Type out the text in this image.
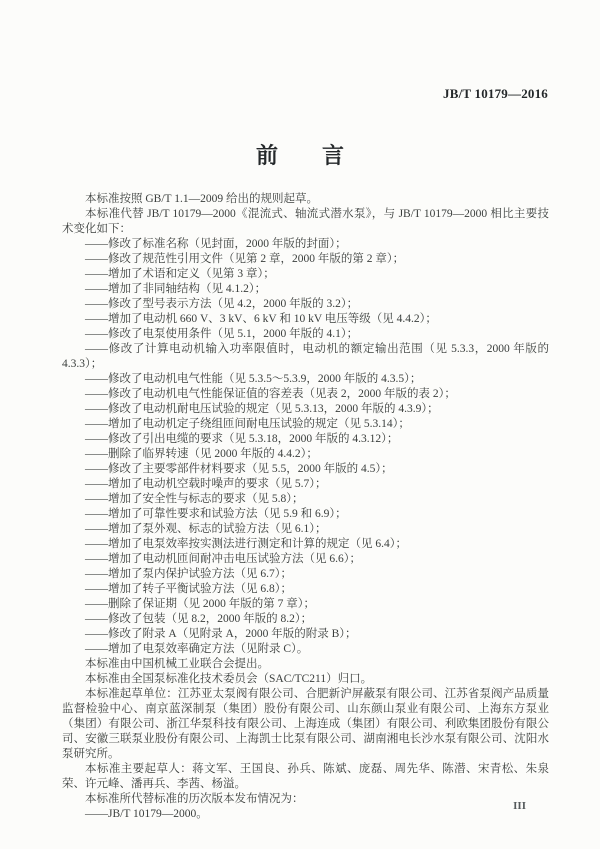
JB/T 10179—2016
前　　言

本标准按照 GB/T 1.1—2009 给出的规则起草。

本标准代替 JB/T 10179—2000《混流式、轴流式潜水泵》，与 JB/T 10179—2000 相比主要技术变化如下：

——修改了标准名称（见封面，2000 年版的封面）；

——修改了规范性引用文件（见第 2 章，2000 年版的第 2 章）；

——增加了术语和定义（见第 3 章）；

——增加了非同轴结构（见 4.1.2）；

——修改了型号表示方法（见 4.2，2000 年版的 3.2）；

——增加了电动机 660 V、3 kV、6 kV 和 10 kV 电压等级（见 4.4.2）；

——修改了电泵使用条件（见 5.1，2000 年版的 4.1）；

——修改了计算电动机输入功率限值时，电动机的额定输出范围（见 5.3.3，2000 年版的 4.3.3）；

——修改了电动机电气性能（见 5.3.5～5.3.9，2000 年版的 4.3.5）；

——修改了电动机电气性能保证值的容差表（见表 2，2000 年版的表 2）；

——修改了电动机耐电压试验的规定（见 5.3.13，2000 年版的 4.3.9）；

——增加了电动机定子绕组匝间耐电压试验的规定（见 5.3.14）；

——修改了引出电缆的要求（见 5.3.18，2000 年版的 4.3.12）；

——删除了临界转速（见 2000 年版的 4.4.2）；

——修改了主要零部件材料要求（见 5.5，2000 年版的 4.5）；

——增加了电动机空载时噪声的要求（见 5.7）；

——增加了安全性与标志的要求（见 5.8）；

——增加了可靠性要求和试验方法（见 5.9 和 6.9）；

——增加了泵外观、标志的试验方法（见 6.1）；

——增加了电泵效率按实测法进行测定和计算的规定（见 6.4）；

——增加了电动机匝间耐冲击电压试验方法（见 6.6）；

——增加了泵内保护试验方法（见 6.7）；

——增加了转子平衡试验方法（见 6.8）；

——删除了保证期（见 2000 年版的第 7 章）；

——修改了包装（见 8.2，2000 年版的 8.2）；

——修改了附录 A（见附录 A，2000 年版的附录 B）；

——增加了电泵效率确定方法（见附录 C）。

本标准由中国机械工业联合会提出。

本标准由全国泵标准化技术委员会（SAC/TC211）归口。

本标准起草单位：江苏亚太泵阀有限公司、合肥新沪屏蔽泵有限公司、江苏省泵阀产品质量监督检验中心、南京蓝深制泵（集团）股份有限公司、山东颜山泵业有限公司、上海东方泵业（集团）有限公司、浙江华泵科技有限公司、上海连成（集团）有限公司、利欧集团股份有限公司、安徽三联泵业股份有限公司、上海凯士比泵有限公司、湖南湘电长沙水泵有限公司、沈阳水泵研究所。

本标准主要起草人：蒋文军、王国良、孙兵、陈斌、庞磊、周先华、陈潜、宋青松、朱泉荣、许元峰、潘再兵、李茜、杨溢。

本标准所代替标准的历次版本发布情况为：

——JB/T 10179—2000。

III
